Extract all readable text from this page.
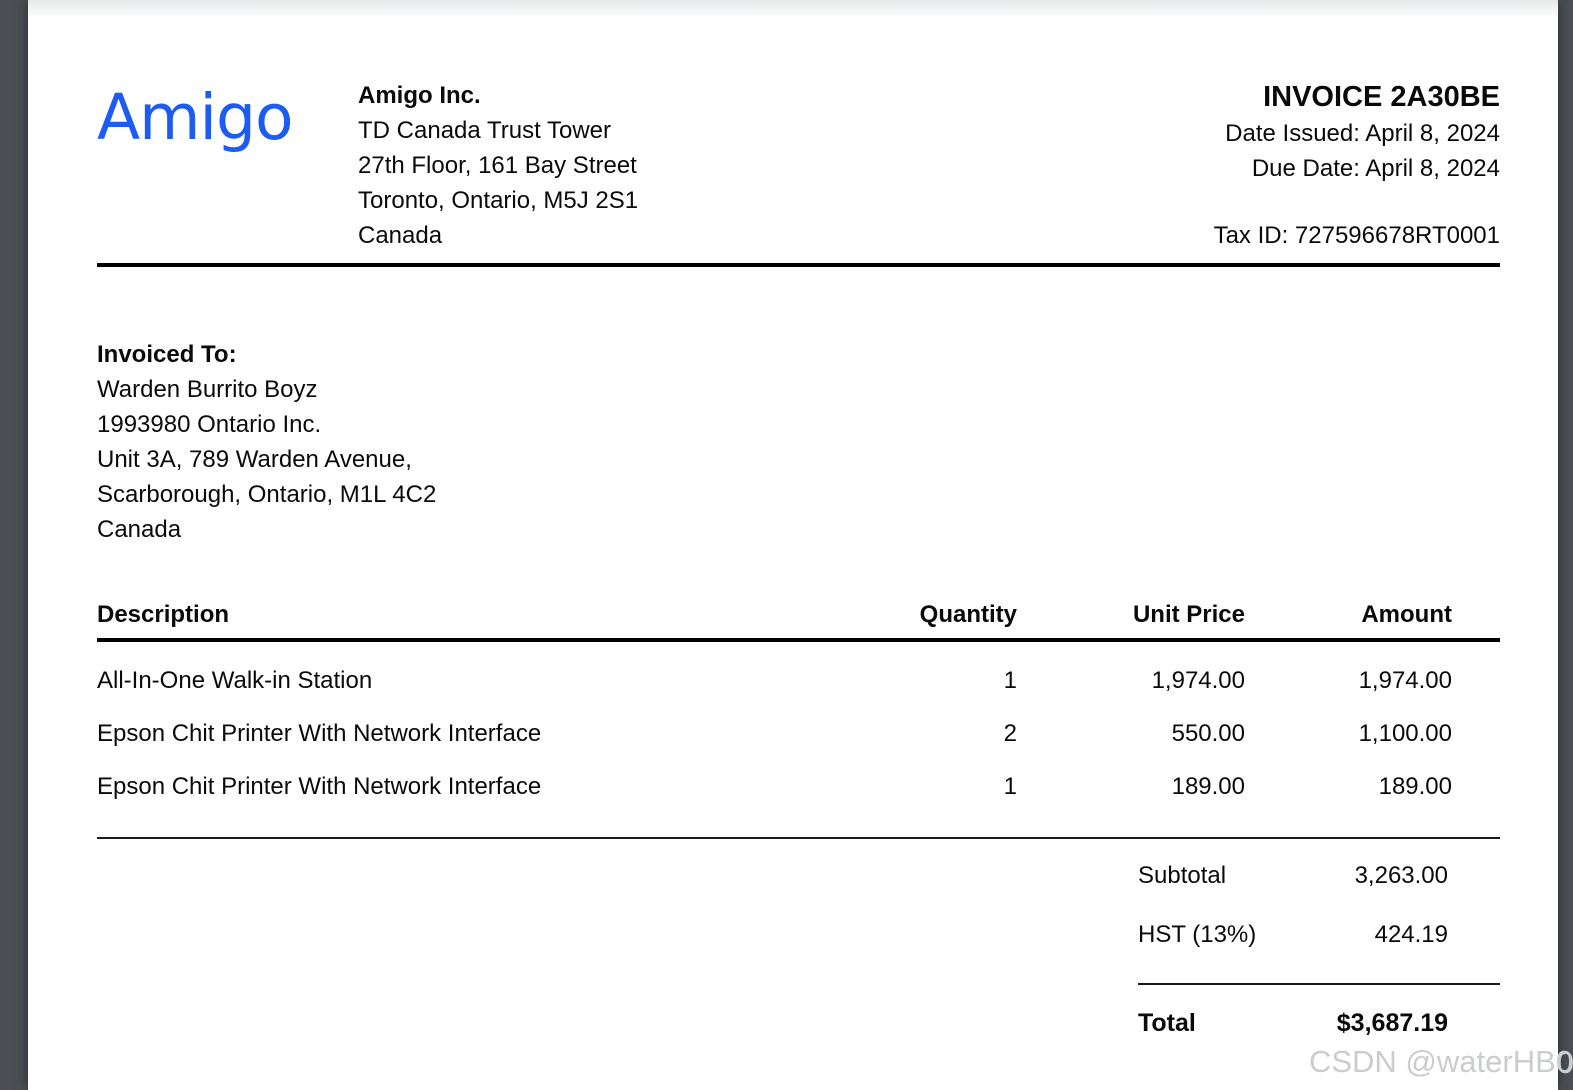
Amigo	Amigo Inc.
TD Canada Trust Tower
27th Floor, 161 Bay Street
Toronto, Ontario, M5J 2S1
Canada
INVOICE 2A30BE
Date Issued: April 8, 2024
Due Date: April 8, 2024
Tax ID: 727596678RT0001
Invoiced To:
Warden Burrito Boyz
1993980 Ontario Inc.
Unit 3A, 789 Warden Avenue,
Scarborough, Ontario, M1L 4C2
Canada
Description	Quantity	Unit Price	Amount
All-In-One Walk-in Station	1	1,974.00	1,974.00
Epson Chit Printer With Network Interface	2	550.00	1,100.00
Epson Chit Printer With Network Interface	1	189.00	189.00
Subtotal	3,263.00
HST (13%)	424.19
Total	$3,687.19
CSDN @waterHB0
